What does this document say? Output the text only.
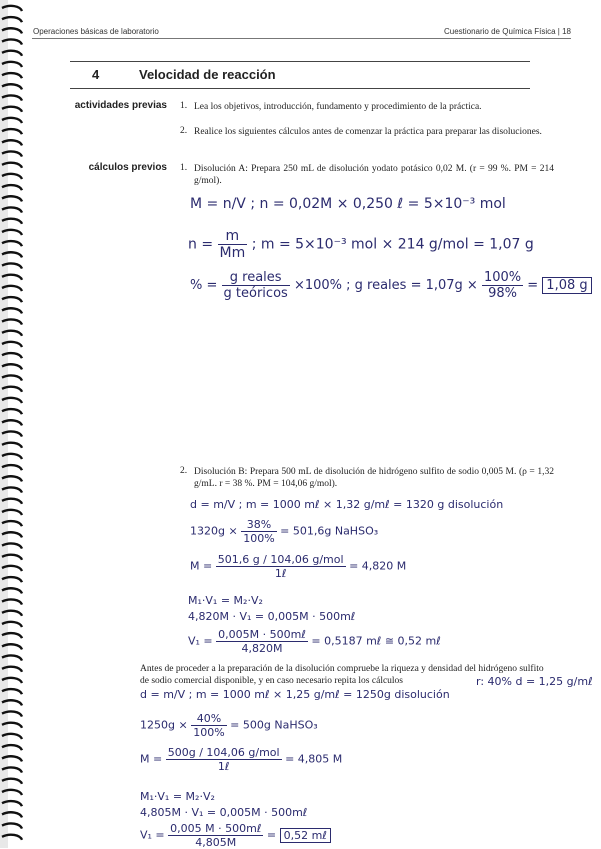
Operaciones básicas de laboratorio	Cuestionario de Química Física | 18
4	Velocidad de reacción
actividades previas 1. Lea los objetivos, introducción, fundamento y procedimiento de la práctica.
2. Realice los siguientes cálculos antes de comenzar la práctica para preparar las disoluciones.
cálculos previos 1. Disolución A: Prepara 250 mL de disolución yodato potásico 0,02 M. (r = 99 %. PM = 214 g/mol).
M = n/V ; n = 0,02M × 0,250 ℓ = 5×10⁻³ mol
$n = \frac{m}{Mm}$ ; m = 5×10⁻³ mol × 214 g/mol = 1,07 g
% = $\frac{\text{g reales}}{\text{g teóricos}} \times 100\%$ ; g reales = $1,07g \times \frac{100\%}{98\%} = 1,08$ g
2. Disolución B: Prepara 500 mL de disolución de hidrógeno sulfito de sodio 0,005 M. (ρ = 1,32 g/mL. r = 38 %. PM = 104,06 g/mol).
d = m/V ; m = 1000 mℓ × 1,32 g/mℓ = 1320 g disolución
$1320g \times \frac{38\%}{100\%} = 501,6g$ NaHSO₃
$M = \frac{\text{501,6 g / 104,06 g/mol}}{\text{1ℓ}} = 4,820$ M
M₁·V₁ = M₂·V₂
4,820M · V₁ = 0,005M · 500mℓ
$V_1 = \frac{\text{0,005M · 500mℓ}}{4,820M} = 0,5187$ mℓ ≅ 0,52 mℓ
Antes de proceder a la preparación de la disolución compruebe la riqueza y densidad del hidrógeno sulfito de sodio comercial disponible, y en caso necesario repita los cálculos	r: 40% d = 1,25 g/mℓ
d = m/V ; m = 1000 mℓ × 1,25 g/mℓ = 1250g disolución
$1250g \times \frac{40\%}{100\%} = 500g$ NaHSO₃
$M = \frac{\text{500g / 104,06 g/mol}}{\text{1ℓ}} = 4,805$ M
M₁·V₁ = M₂·V₂
4,805M · V₁ = 0,005M · 500mℓ
$V_1 = \frac{\text{0,005 M · 500mℓ}}{4,805M} = 0,52$ mℓ
